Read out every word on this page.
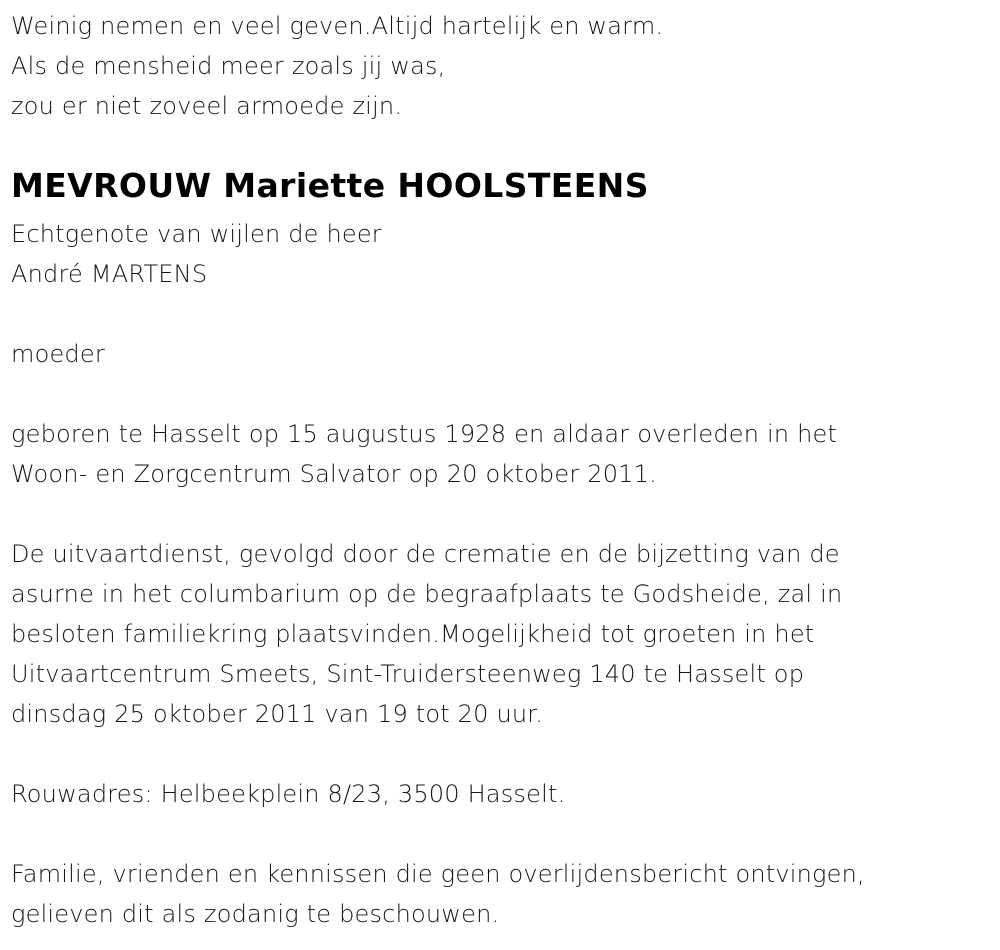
Weinig nemen en veel geven.Altijd hartelijk en warm.
Als de mensheid meer zoals jij was,
zou er niet zoveel armoede zijn.
MEVROUW Mariette HOOLSTEENS
Echtgenote van wijlen de heer
André MARTENS
moeder
geboren te Hasselt op 15 augustus 1928 en aldaar overleden in het
Woon- en Zorgcentrum Salvator op 20 oktober 2011.
De uitvaartdienst, gevolgd door de crematie en de bijzetting van de
asurne in het columbarium op de begraafplaats te Godsheide, zal in
besloten familiekring plaatsvinden.Mogelijkheid tot groeten in het
Uitvaartcentrum Smeets, Sint-Truidersteenweg 140 te Hasselt op
dinsdag 25 oktober 2011 van 19 tot 20 uur.
Rouwadres: Helbeekplein 8/23, 3500 Hasselt.
Familie, vrienden en kennissen die geen overlijdensbericht ontvingen,
gelieven dit als zodanig te beschouwen.
